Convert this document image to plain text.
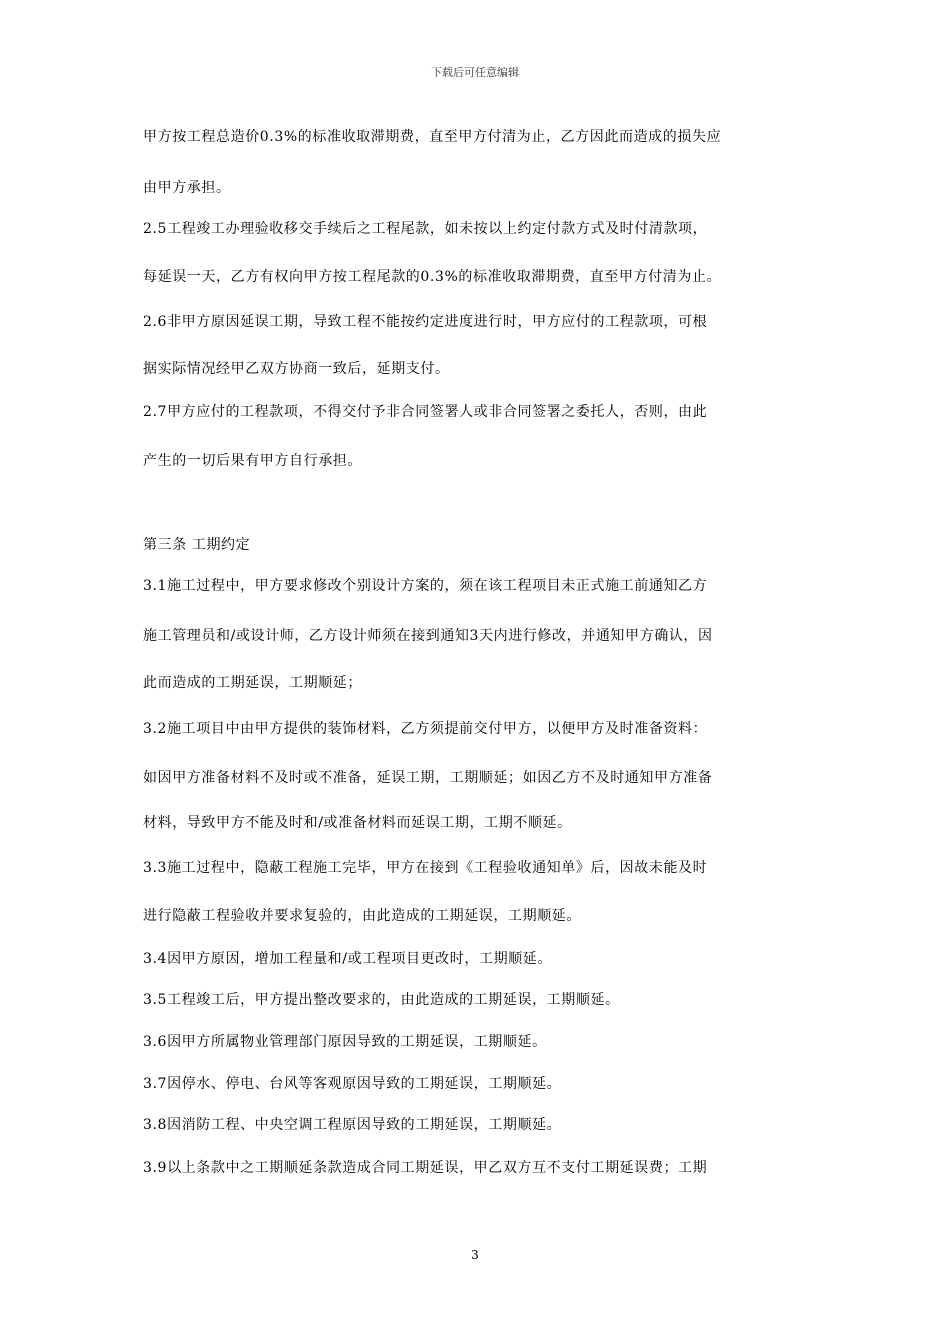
下载后可任意编辑
甲方按工程总造价0.3%的标准收取滞期费，直至甲方付清为止，乙方因此而造成的损失应
由甲方承担。
2.5工程竣工办理验收移交手续后之工程尾款，如未按以上约定付款方式及时付清款项，
每延误一天，乙方有权向甲方按工程尾款的0.3%的标准收取滞期费，直至甲方付清为止。
2.6非甲方原因延误工期，导致工程不能按约定进度进行时，甲方应付的工程款项，可根
据实际情况经甲乙双方协商一致后，延期支付。
2.7甲方应付的工程款项，不得交付予非合同签署人或非合同签署之委托人，否则，由此
产生的一切后果有甲方自行承担。
第三条 工期约定
3.1施工过程中，甲方要求修改个别设计方案的，须在该工程项目未正式施工前通知乙方
施工管理员和/或设计师，乙方设计师须在接到通知3天内进行修改，并通知甲方确认，因
此而造成的工期延误，工期顺延；
3.2施工项目中由甲方提供的装饰材料，乙方须提前交付甲方，以便甲方及时准备资料：
如因甲方准备材料不及时或不准备，延误工期，工期顺延；如因乙方不及时通知甲方准备
材料，导致甲方不能及时和/或准备材料而延误工期，工期不顺延。
3.3施工过程中，隐蔽工程施工完毕，甲方在接到《工程验收通知单》后，因故未能及时
进行隐蔽工程验收并要求复验的，由此造成的工期延误，工期顺延。
3.4因甲方原因，增加工程量和/或工程项目更改时，工期顺延。
3.5工程竣工后，甲方提出整改要求的，由此造成的工期延误，工期顺延。
3.6因甲方所属物业管理部门原因导致的工期延误，工期顺延。
3.7因停水、停电、台风等客观原因导致的工期延误，工期顺延。
3.8因消防工程、中央空调工程原因导致的工期延误，工期顺延。
3.9以上条款中之工期顺延条款造成合同工期延误，甲乙双方互不支付工期延误费；工期
3
